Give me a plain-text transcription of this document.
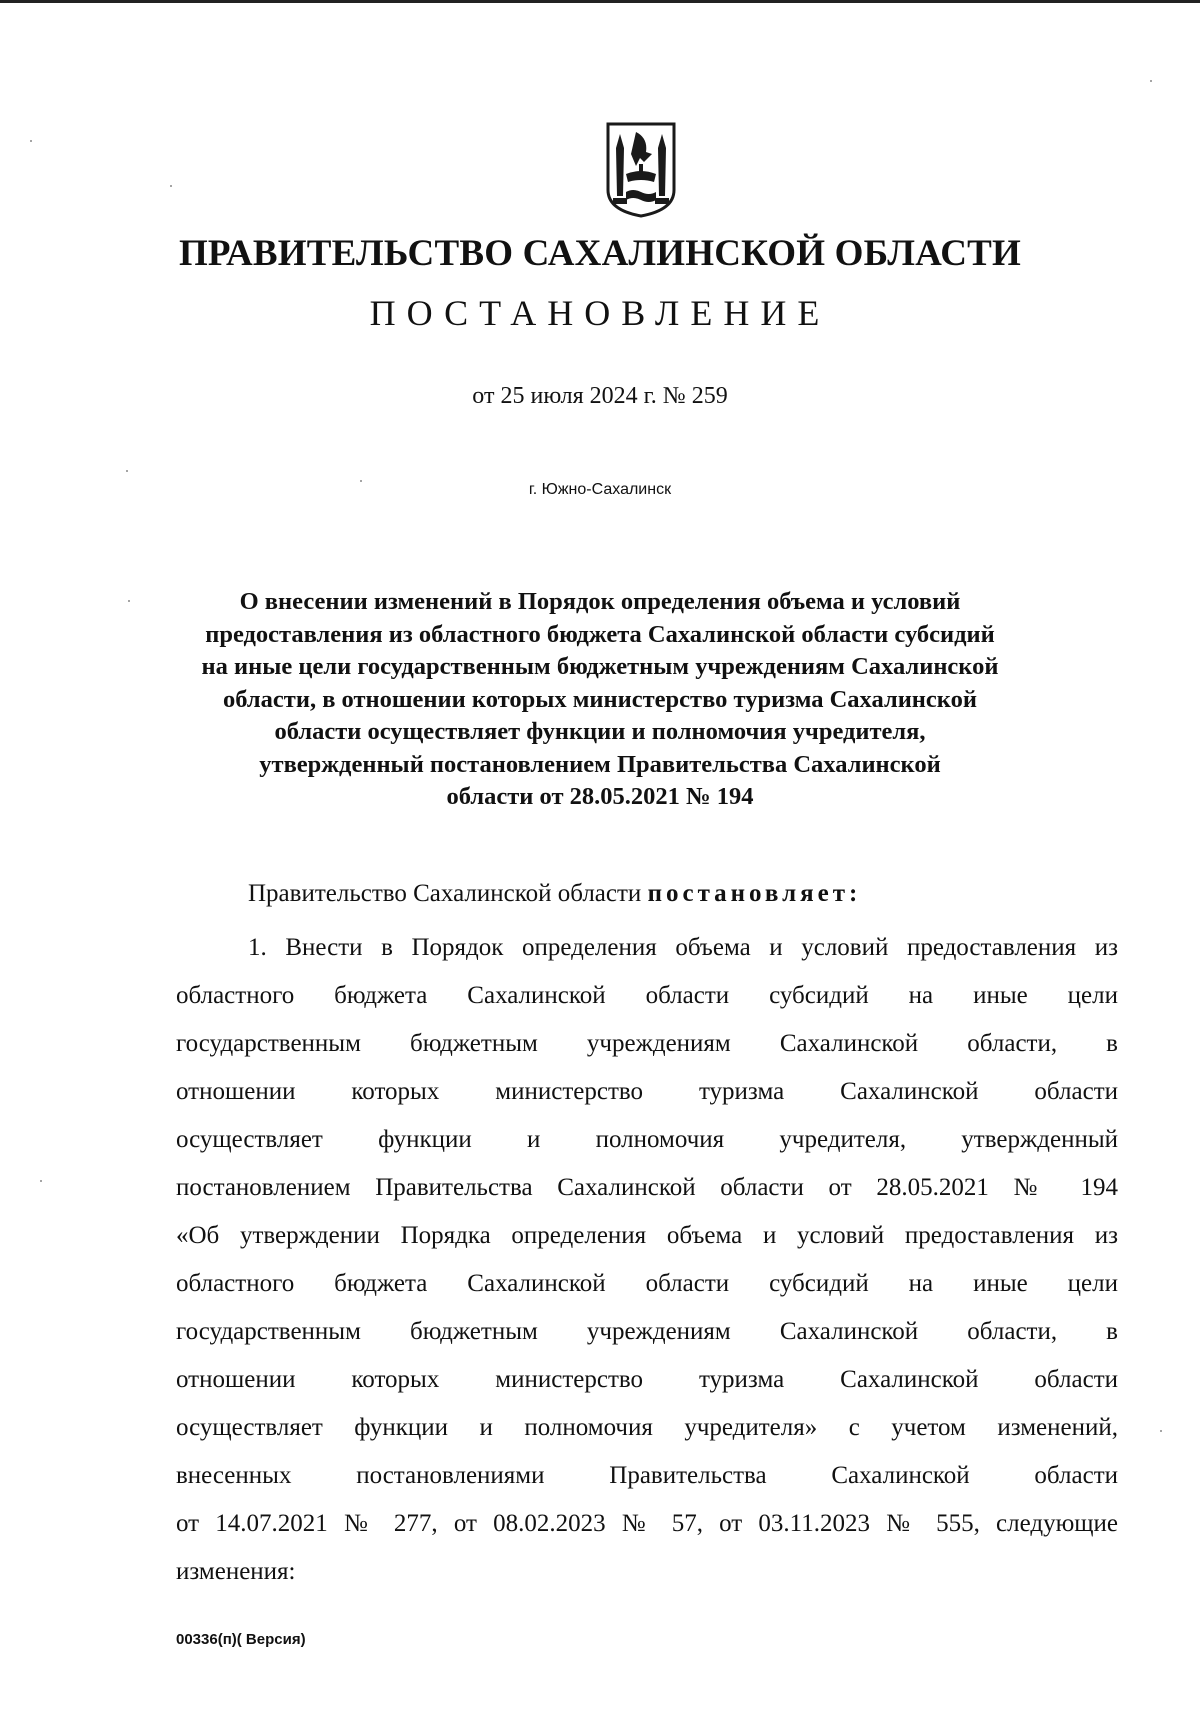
ПРАВИТЕЛЬСТВО САХАЛИНСКОЙ ОБЛАСТИ
ПОСТАНОВЛЕНИЕ
от 25 июля 2024 г. № 259
г. Южно-Сахалинск
О внесении изменений в Порядок определения объема и условий
предоставления из областного бюджета Сахалинской области субсидий
на иные цели государственным бюджетным учреждениям Сахалинской
области, в отношении которых министерство туризма Сахалинской
области осуществляет функции и полномочия учредителя,
утвержденный постановлением Правительства Сахалинской
области от 28.05.2021 № 194
Правительство Сахалинской области постановляет:
1. Внести в Порядок определения объема и условий предоставления из
областного бюджета Сахалинской области субсидий на иные цели
государственным бюджетным учреждениям Сахалинской области, в
отношении которых министерство туризма Сахалинской области
осуществляет функции и полномочия учредителя, утвержденный
постановлением Правительства Сахалинской области от 28.05.2021 № 194
«Об утверждении Порядка определения объема и условий предоставления из
областного бюджета Сахалинской области субсидий на иные цели
государственным бюджетным учреждениям Сахалинской области, в
отношении которых министерство туризма Сахалинской области
осуществляет функции и полномочия учредителя» с учетом изменений,
внесенных постановлениями Правительства Сахалинской области
от 14.07.2021 № 277, от 08.02.2023 № 57, от 03.11.2023 № 555, следующие
изменения:
00336(п)( Версия)
